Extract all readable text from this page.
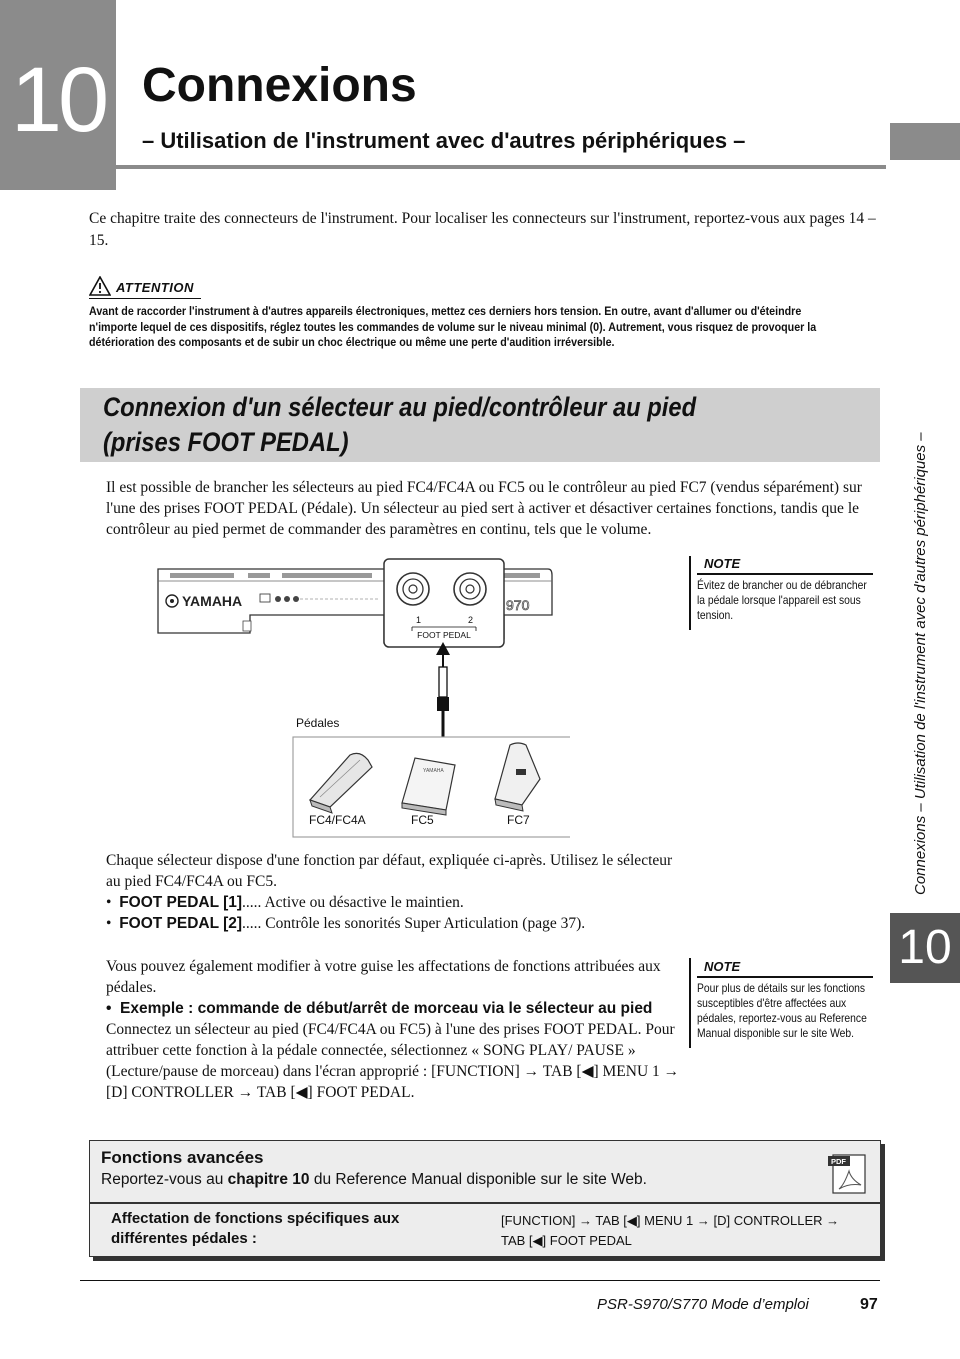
10 Connexions
– Utilisation de l'instrument avec d'autres périphériques –
Ce chapitre traite des connecteurs de l'instrument. Pour localiser les connecteurs sur l'instrument, reportez-vous aux pages 14 – 15.
ATTENTION
Avant de raccorder l'instrument à d'autres appareils électroniques, mettez ces derniers hors tension. En outre, avant d'allumer ou d'éteindre n'importe lequel de ces dispositifs, réglez toutes les commandes de volume sur le niveau minimal (0). Autrement, vous risquez de provoquer la détérioration des composants et de subir un choc électrique ou même une perte d'audition irréversible.
Connexion d'un sélecteur au pied/contrôleur au pied
(prises FOOT PEDAL)
Il est possible de brancher les sélecteurs au pied FC4/FC4A ou FC5 ou le contrôleur au pied FC7 (vendus séparément) sur l'une des prises FOOT PEDAL (Pédale). Un sélecteur au pied sert à activer et désactiver certaines fonctions, tandis que le contrôleur au pied permet de commander des paramètres en continu, tels que le volume.
NOTE
Évitez de brancher ou de débrancher la pédale lorsque l'appareil est sous tension.
YAMAHA	970
1	2
FOOT PEDAL
Pédales
YAMAHA
FC4/FC4A	FC5	FC7	Connexions – Utilisation de l'instrument avec d'autres périphériques –
10
Chaque sélecteur dispose d'une fonction par défaut, expliquée ci-après. Utilisez le sélecteur au pied FC4/FC4A ou FC5.
•  FOOT PEDAL [1]..... Active ou désactive le maintien.
•  FOOT PEDAL [2]..... Contrôle les sonorités Super Articulation (page 37).
Vous pouvez également modifier à votre guise les affectations de fonctions attribuées aux pédales.
•  Exemple : commande de début/arrêt de morceau via le sélecteur au pied
Connectez un sélecteur au pied (FC4/FC4A ou FC5) à l'une des prises FOOT PEDAL. Pour attribuer cette fonction à la pédale connectée, sélectionnez « SONG PLAY/ PAUSE » (Lecture/pause de morceau) dans l'écran approprié : [FUNCTION] → TAB [◀] MENU 1 → [D] CONTROLLER → TAB [◀] FOOT PEDAL.
NOTE
Pour plus de détails sur les fonctions susceptibles d'être affectées aux pédales, reportez-vous au Reference Manual disponible sur le site Web.
Fonctions avancées
Reportez-vous au chapitre 10 du Reference Manual disponible sur le site Web.
PDF
Affectation de fonctions spécifiques aux différentes pédales :
[FUNCTION] → TAB [◀] MENU 1 → [D] CONTROLLER →
TAB [◀] FOOT PEDAL
PSR-S970/S770 Mode d’emploi	97
